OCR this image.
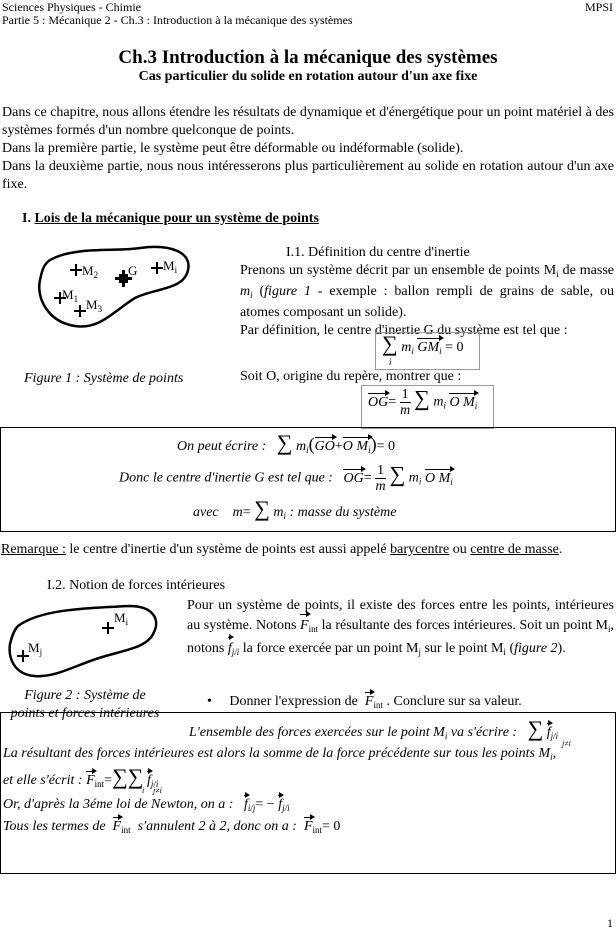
Sciences Physiques - Chimie
Partie 5 : Mécanique 2 - Ch.3 : Introduction à la mécanique des systèmes
MPSI
Ch.3 Introduction à la mécanique des systèmes
Cas particulier du solide en rotation autour d'un axe fixe
Dans ce chapitre, nous allons étendre les résultats de dynamique et d'énergétique pour un point matériel à des systèmes formés d'un nombre quelconque de points.
Dans la première partie, le système peut être déformable ou indéformable (solide).
Dans la deuxième partie, nous nous intéresserons plus particulièrement au solide en rotation autour d'un axe fixe.
I. Lois de la mécanique pour un système de points
$M_2$ G $M_i$
$M_1$ $M_3$
Figure 1 : Système de points
I.1. Définition du centre d'inertie
Prenons un système décrit par un ensemble de points $M_i$ de masse $m_i$ (figure 1 - exemple : ballon rempli de grains de sable, ou atomes composant un solide).
Par définition, le centre d'inertie G du système est tel que :
∑ $m_i$ $GM_i = 0$
i
Soit O, origine du repère, montrer que :
$OG= \frac{1}{m}$ ∑ $m_i$ O $M_i$
On peut écrire : ∑ $m_i(GO+O$ $M_i)= 0$
Donc le centre d'inertie G est tel que : $OG= \frac{1}{m}$ ∑ $m_i$ O $M_i$
avec m= ∑ $m_i$ : masse du système
Remarque : le centre d'inertie d'un système de points est aussi appelé barycentre ou centre de masse.
I.2. Notion de forces intérieures
$M_i$
$M_j$
Figure 2 : Système de
points et forces intérieures
Pour un système de points, il existe des forces entre les points, intérieures au système. Notons $F_{int}$ la résultante des forces intérieures. Soit un point $M_i$, notons $f_{j/i}$ la force exercée par un point $M_j$ sur le point $M_i$ (figure 2).
• Donner l'expression de $F_{int}$ . Conclure sur sa valeur.
L'ensemble des forces exercées sur le point $M_i$ va s'écrire : ∑ $f_{j/i}$
j≠i
La résultant des forces intérieures est alors la somme de la force précédente sur tous les points $M_i$,
et elle s'écrit : $F_{int}=\sum\sum$ $f_{j/i}$
i j≠i
Or, d'après la 3éme loi de Newton, on a : $f_{i/j}= - f_{j/i}$
Tous les termes de $F_{int}$ s'annulent 2 à 2, donc on a : $F_{int}= 0$
1
